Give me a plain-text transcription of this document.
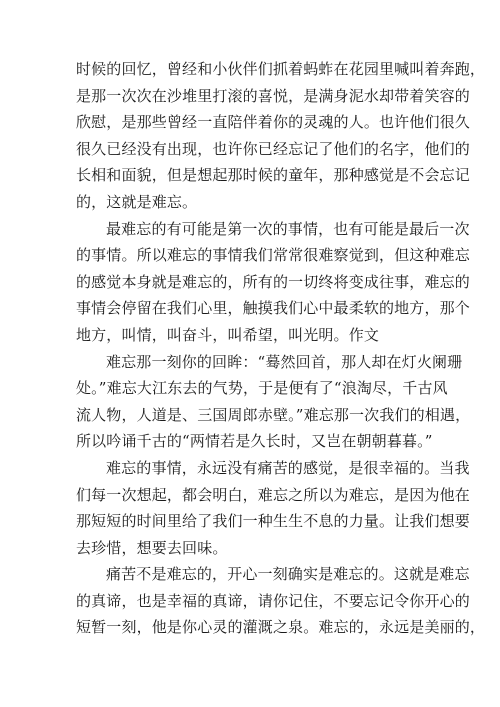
时候的回忆，曾经和小伙伴们抓着蚂蚱在花园里喊叫着奔跑，
是那一次次在沙堆里打滚的喜悦，是满身泥水却带着笑容的
欣慰，是那些曾经一直陪伴着你的灵魂的人。也许他们很久
很久已经没有出现，也许你已经忘记了他们的名字，他们的
长相和面貌，但是想起那时候的童年，那种感觉是不会忘记
的，这就是难忘。
最难忘的有可能是第一次的事情，也有可能是最后一次
的事情。所以难忘的事情我们常常很难察觉到，但这种难忘
的感觉本身就是难忘的，所有的一切终将变成往事，难忘的
事情会停留在我们心里，触摸我们心中最柔软的地方，那个
地方，叫情，叫奋斗，叫希望，叫光明。作文
难忘那一刻你的回眸：“蓦然回首，那人却在灯火阑珊
处。”难忘大江东去的气势，于是便有了“浪淘尽，千古风
流人物，人道是、三国周郎赤壁。”难忘那一次我们的相遇，
所以吟诵千古的“两情若是久长时，又岂在朝朝暮暮。”
难忘的事情，永远没有痛苦的感觉，是很幸福的。当我
们每一次想起，都会明白，难忘之所以为难忘，是因为他在
那短短的时间里给了我们一种生生不息的力量。让我们想要
去珍惜，想要去回味。
痛苦不是难忘的，开心一刻确实是难忘的。这就是难忘
的真谛，也是幸福的真谛，请你记住，不要忘记令你开心的
短暂一刻，他是你心灵的灌溉之泉。难忘的，永远是美丽的，
